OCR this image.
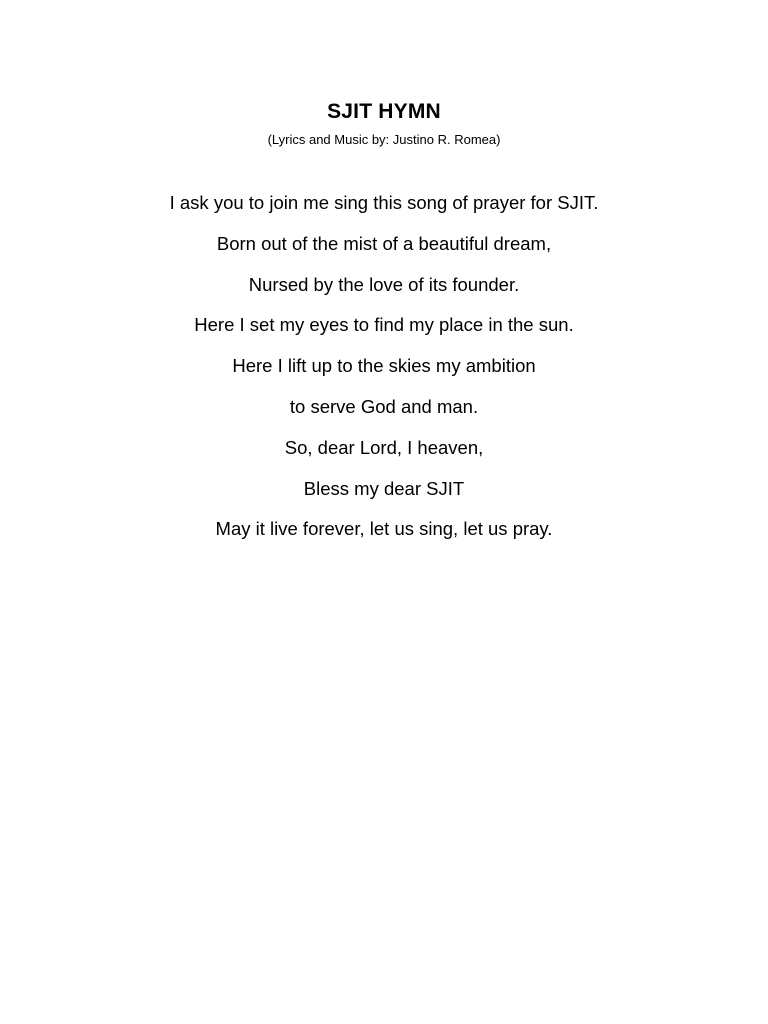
SJIT HYMN
(Lyrics and Music by: Justino R. Romea)
I ask you to join me sing this song of prayer for SJIT.
Born out of the mist of a beautiful dream,
Nursed by the love of its founder.
Here I set my eyes to find my place in the sun.
Here I lift up to the skies my ambition
to serve God and man.
So, dear Lord, I heaven,
Bless my dear SJIT
May it live forever, let us sing, let us pray.
